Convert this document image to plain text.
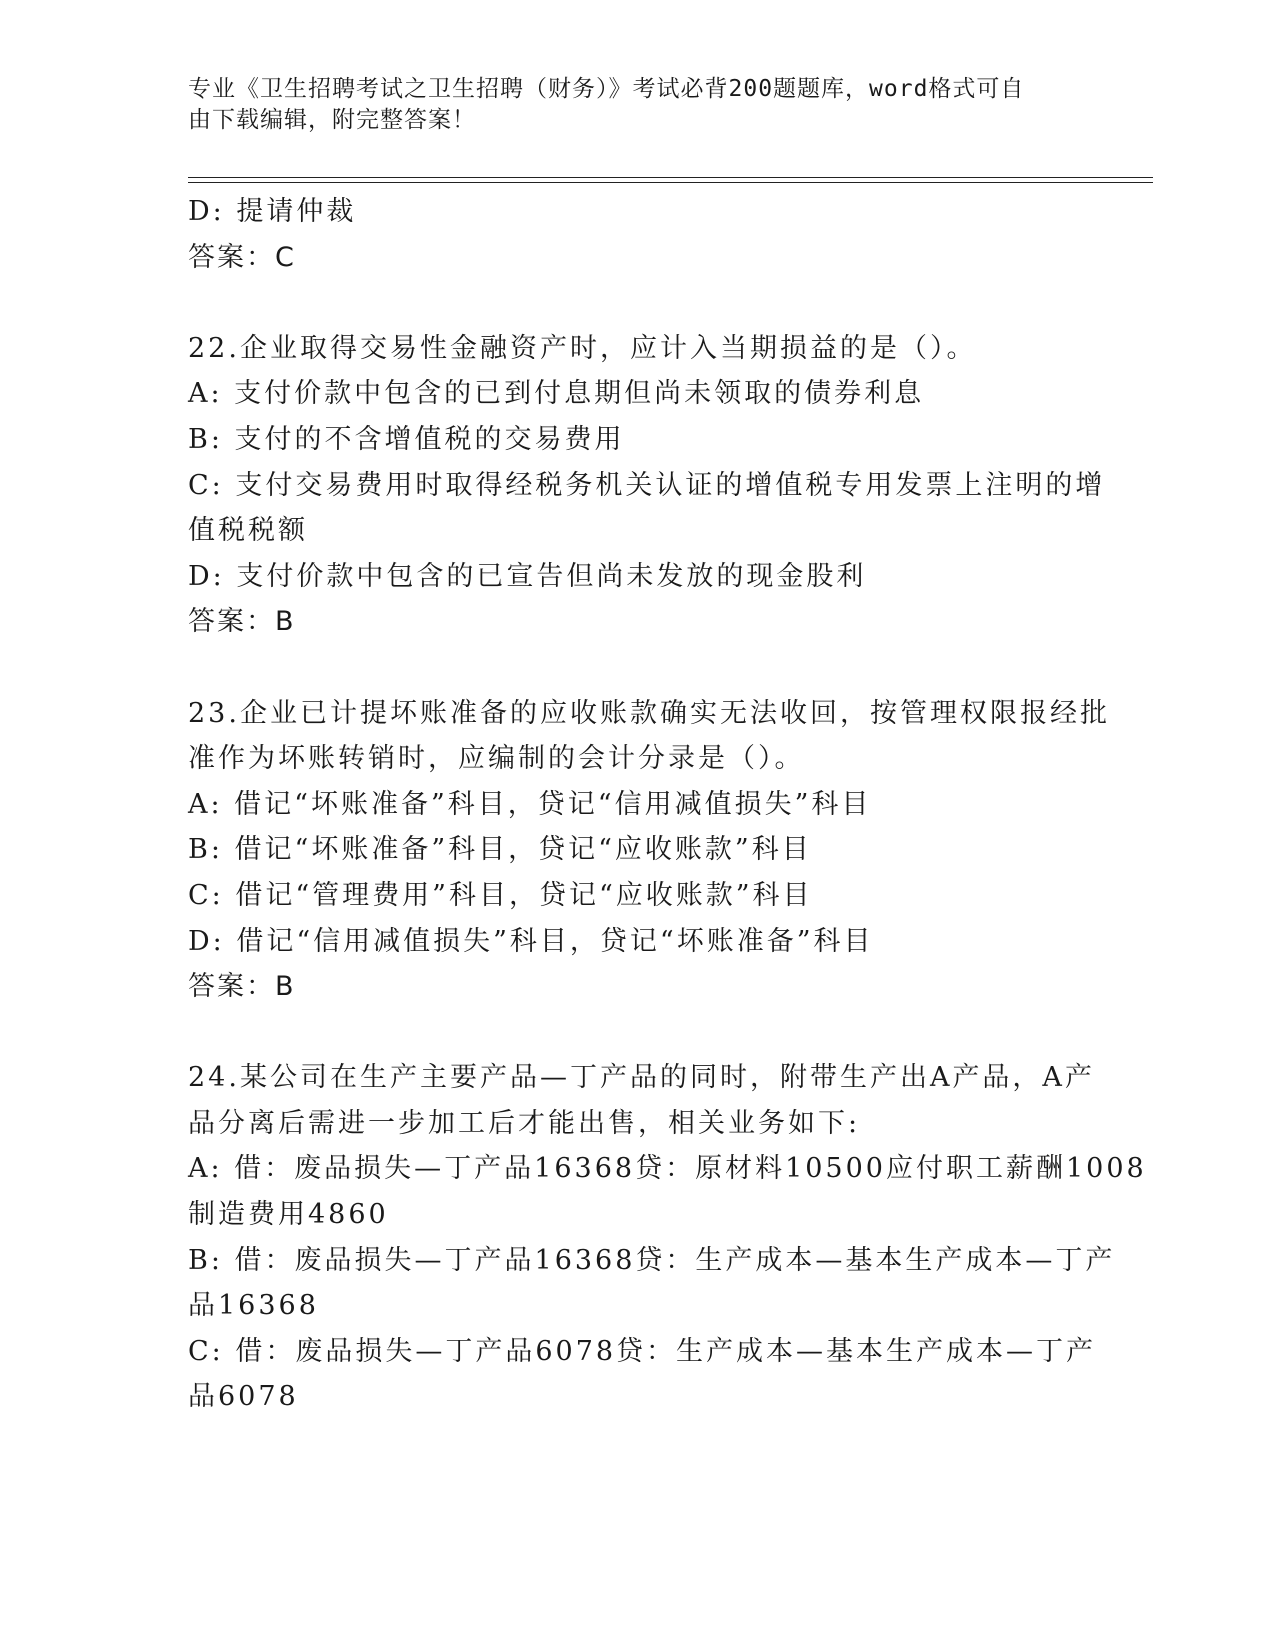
专业《卫生招聘考试之卫生招聘（财务）》考试必背200题题库，word格式可自

由下载编辑，附完整答案！

D: 提请仲裁

答案：C

22.企业取得交易性金融资产时，应计入当期损益的是（）。

A: 支付价款中包含的已到付息期但尚未领取的债券利息

B: 支付的不含增值税的交易费用

C: 支付交易费用时取得经税务机关认证的增值税专用发票上注明的增

值税税额

D: 支付价款中包含的已宣告但尚未发放的现金股利

答案：B

23.企业已计提坏账准备的应收账款确实无法收回，按管理权限报经批

准作为坏账转销时，应编制的会计分录是（）。

A: 借记“坏账准备”科目，贷记“信用减值损失”科目

B: 借记“坏账准备”科目，贷记“应收账款”科目

C: 借记“管理费用”科目，贷记“应收账款”科目

D: 借记“信用减值损失”科目，贷记“坏账准备”科目

答案：B

24.某公司在生产主要产品—丁产品的同时，附带生产出A产品，A产

品分离后需进一步加工后才能出售，相关业务如下:

A: 借：废品损失—丁产品16368贷：原材料10500应付职工薪酬1008

制造费用4860

B: 借：废品损失—丁产品16368贷：生产成本—基本生产成本—丁产

品16368

C: 借：废品损失—丁产品6078贷：生产成本—基本生产成本—丁产

品6078
